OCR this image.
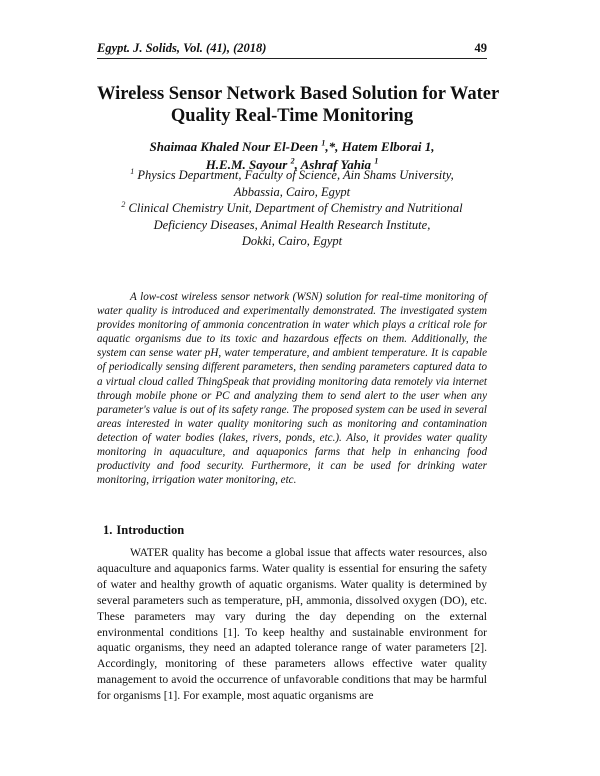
Egypt. J. Solids, Vol. (41), (2018)	49
Wireless Sensor Network Based Solution for Water
Quality Real-Time Monitoring
Shaimaa Khaled Nour El-Deen $^1$,*, Hatem Elborai 1,
H.E.M. Sayour $^2$, Ashraf Yahia $^1$
$^1$ Physics Department, Faculty of Science, Ain Shams University,
Abbassia, Cairo, Egypt
$^2$ Clinical Chemistry Unit, Department of Chemistry and Nutritional
Deficiency Diseases, Animal Health Research Institute,
Dokki, Cairo, Egypt
A low-cost wireless sensor network (WSN) solution for real-time monitoring of water quality is introduced and experimentally demonstrated. The investigated system provides monitoring of ammonia concentration in water which plays a critical role for aquatic organisms due to its toxic and hazardous effects on them. Additionally, the system can sense water pH, water temperature, and ambient temperature. It is capable of periodically sensing different parameters, then sending parameters captured data to a virtual cloud called ThingSpeak that providing monitoring data remotely via internet through mobile phone or PC and analyzing them to send alert to the user when any parameter's value is out of its safety range. The proposed system can be used in several areas interested in water quality monitoring such as monitoring and contamination detection of water bodies (lakes, rivers, ponds, etc.). Also, it provides water quality monitoring in aquaculture, and aquaponics farms that help in enhancing food productivity and food security. Furthermore, it can be used for drinking water monitoring, irrigation water monitoring, etc.
1. Introduction
WATER quality has become a global issue that affects water resources, also aquaculture and aquaponics farms. Water quality is essential for ensuring the safety of water and healthy growth of aquatic organisms. Water quality is determined by several parameters such as temperature, pH, ammonia, dissolved oxygen (DO), etc. These parameters may vary during the day depending on the external environmental conditions [1]. To keep healthy and sustainable environment for aquatic organisms, they need an adapted tolerance range of water parameters [2]. Accordingly, monitoring of these parameters allows effective water quality management to avoid the occurrence of unfavorable conditions that may be harmful for organisms [1]. For example, most aquatic organisms are
